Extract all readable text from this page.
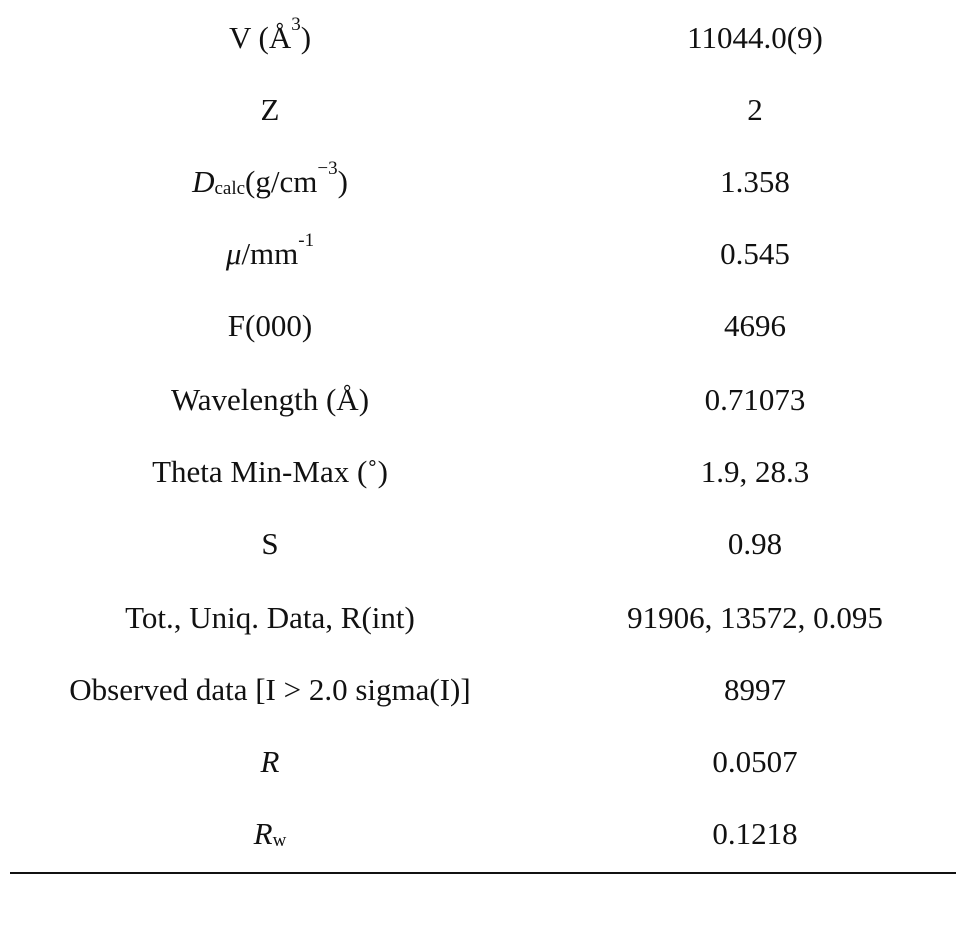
V (Å 3 )	11044.0(9)
Z	2
D calc (g/cm −3 )	1.358
μ /mm -1	0.545
F(000)	4696
Wavelength (Å)	0.71073
Theta Min-Max (˚)	1.9, 28.3
S	0.98
Tot., Uniq. Data, R(int)	91906, 13572, 0.095
Observed data [I > 2.0 sigma(I)]	8997
R	0.0507
R w	0.1218
